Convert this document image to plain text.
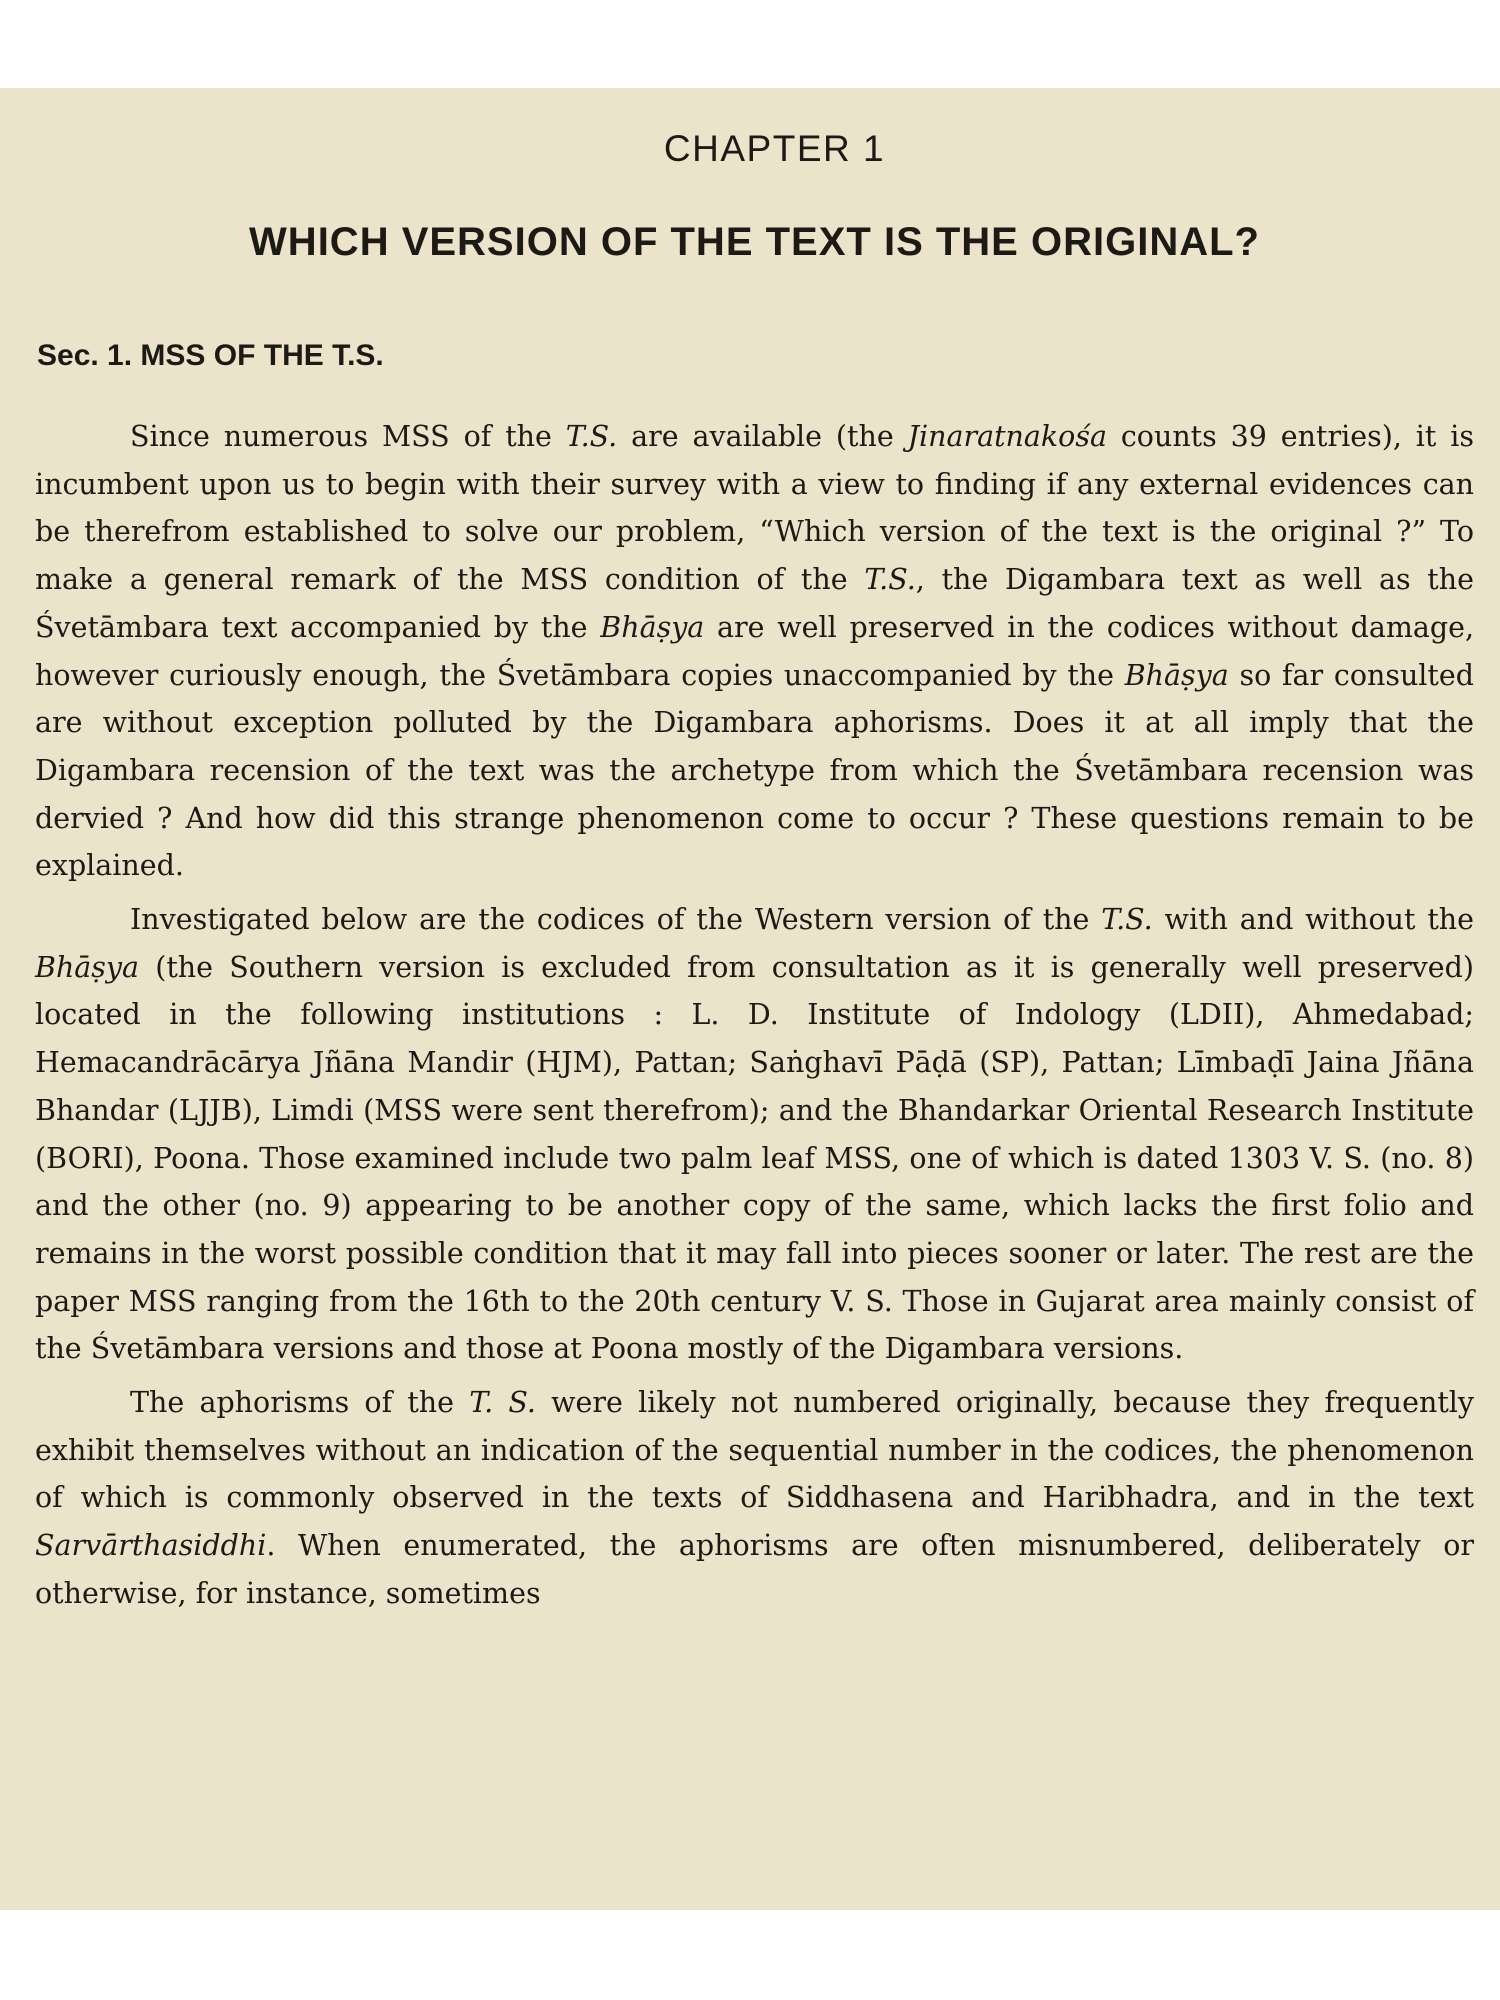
CHAPTER 1
WHICH VERSION OF THE TEXT IS THE ORIGINAL?
Sec. 1. MSS OF THE T.S.

Since numerous MSS of the T.S. are available (the Jinaratnakośa counts 39 entries), it is incumbent upon us to begin with their survey with a view to finding if any external evidences can be therefrom established to solve our problem, “Which version of the text is the original ?” To make a general remark of the MSS condition of the T.S., the Digambara text as well as the Śvetāmbara text accompanied by the Bhāṣya are well preserved in the codices without damage, however curiously enough, the Śvetāmbara copies unaccompanied by the Bhāṣya so far consulted are without exception polluted by the Digambara aphorisms. Does it at all imply that the Digambara recension of the text was the archetype from which the Śvetāmbara recension was dervied ? And how did this strange phenomenon come to occur ? These questions remain to be explained.

Investigated below are the codices of the Western version of the T.S. with and without the Bhāṣya (the Southern version is excluded from consultation as it is generally well preserved) located in the following institutions : L. D. Institute of Indology (LDII), Ahmedabad; Hemacandrācārya Jñāna Mandir (HJM), Pattan; Saṅghavī Pāḍā (SP), Pattan; Līmbaḍī Jaina Jñāna Bhandar (LJJB), Limdi (MSS were sent therefrom); and the Bhandarkar Oriental Research Institute (BORI), Poona. Those examined include two palm leaf MSS, one of which is dated 1303 V. S. (no. 8) and the other (no. 9) appearing to be another copy of the same, which lacks the first folio and remains in the worst possible condition that it may fall into pieces sooner or later. The rest are the paper MSS ranging from the 16th to the 20th century V. S. Those in Gujarat area mainly consist of the Śvetāmbara versions and those at Poona mostly of the Digambara versions.

The aphorisms of the T. S. were likely not numbered originally, because they frequently exhibit themselves without an indication of the sequential number in the codices, the phenomenon of which is commonly observed in the texts of Siddhasena and Haribhadra, and in the text Sarvārthasiddhi. When enumerated, the aphorisms are often misnumbered, deliberately or otherwise, for instance, sometimes
